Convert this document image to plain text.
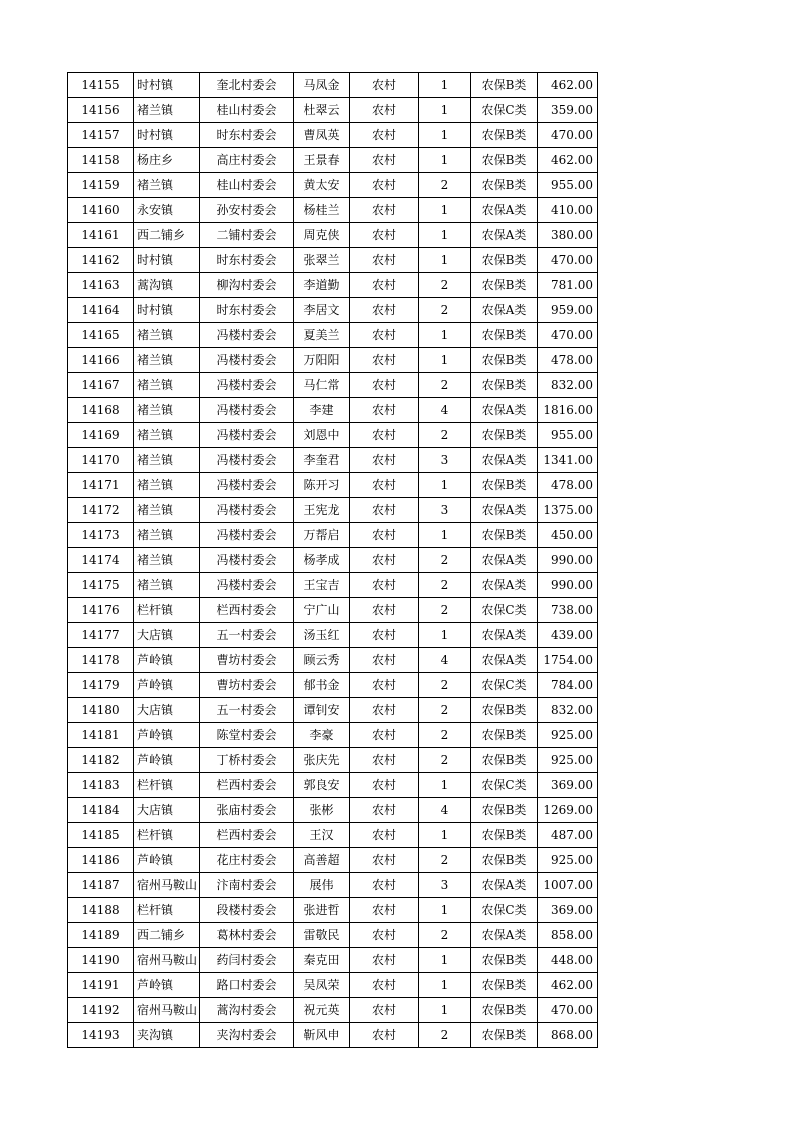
14155	时村镇	奎北村委会	马凤金	农村	1	农保B类	462.00
14156	褚兰镇	桂山村委会	杜翠云	农村	1	农保C类	359.00
14157	时村镇	时东村委会	曹凤英	农村	1	农保B类	470.00
14158	杨庄乡	高庄村委会	王景春	农村	1	农保B类	462.00
14159	褚兰镇	桂山村委会	黄太安	农村	2	农保B类	955.00
14160	永安镇	孙安村委会	杨桂兰	农村	1	农保A类	410.00
14161	西二铺乡	二铺村委会	周克侠	农村	1	农保A类	380.00
14162	时村镇	时东村委会	张翠兰	农村	1	农保B类	470.00
14163	蒿沟镇	柳沟村委会	李道勤	农村	2	农保B类	781.00
14164	时村镇	时东村委会	李居文	农村	2	农保A类	959.00
14165	褚兰镇	冯楼村委会	夏美兰	农村	1	农保B类	470.00
14166	褚兰镇	冯楼村委会	万阳阳	农村	1	农保B类	478.00
14167	褚兰镇	冯楼村委会	马仁常	农村	2	农保B类	832.00
14168	褚兰镇	冯楼村委会	李建	农村	4	农保A类	1816.00
14169	褚兰镇	冯楼村委会	刘恩中	农村	2	农保B类	955.00
14170	褚兰镇	冯楼村委会	李奎君	农村	3	农保A类	1341.00
14171	褚兰镇	冯楼村委会	陈开习	农村	1	农保B类	478.00
14172	褚兰镇	冯楼村委会	王宪龙	农村	3	农保A类	1375.00
14173	褚兰镇	冯楼村委会	万帮启	农村	1	农保B类	450.00
14174	褚兰镇	冯楼村委会	杨孝成	农村	2	农保A类	990.00
14175	褚兰镇	冯楼村委会	王宝吉	农村	2	农保A类	990.00
14176	栏杆镇	栏西村委会	宁广山	农村	2	农保C类	738.00
14177	大店镇	五一村委会	汤玉红	农村	1	农保A类	439.00
14178	芦岭镇	曹坊村委会	顾云秀	农村	4	农保A类	1754.00
14179	芦岭镇	曹坊村委会	郁书金	农村	2	农保C类	784.00
14180	大店镇	五一村委会	谭钊安	农村	2	农保B类	832.00
14181	芦岭镇	陈堂村委会	李豪	农村	2	农保B类	925.00
14182	芦岭镇	丁桥村委会	张庆先	农村	2	农保B类	925.00
14183	栏杆镇	栏西村委会	郭良安	农村	1	农保C类	369.00
14184	大店镇	张庙村委会	张彬	农村	4	农保B类	1269.00
14185	栏杆镇	栏西村委会	王汉	农村	1	农保B类	487.00
14186	芦岭镇	花庄村委会	高善超	农村	2	农保B类	925.00
14187	宿州马鞍山	汴南村委会	展伟	农村	3	农保A类	1007.00
14188	栏杆镇	段楼村委会	张进哲	农村	1	农保C类	369.00
14189	西二铺乡	葛林村委会	雷敬民	农村	2	农保A类	858.00
14190	宿州马鞍山	药闫村委会	秦克田	农村	1	农保B类	448.00
14191	芦岭镇	路口村委会	吴凤荣	农村	1	农保B类	462.00
14192	宿州马鞍山	蒿沟村委会	祝元英	农村	1	农保B类	470.00
14193	夹沟镇	夹沟村委会	靳风申	农村	2	农保B类	868.00
